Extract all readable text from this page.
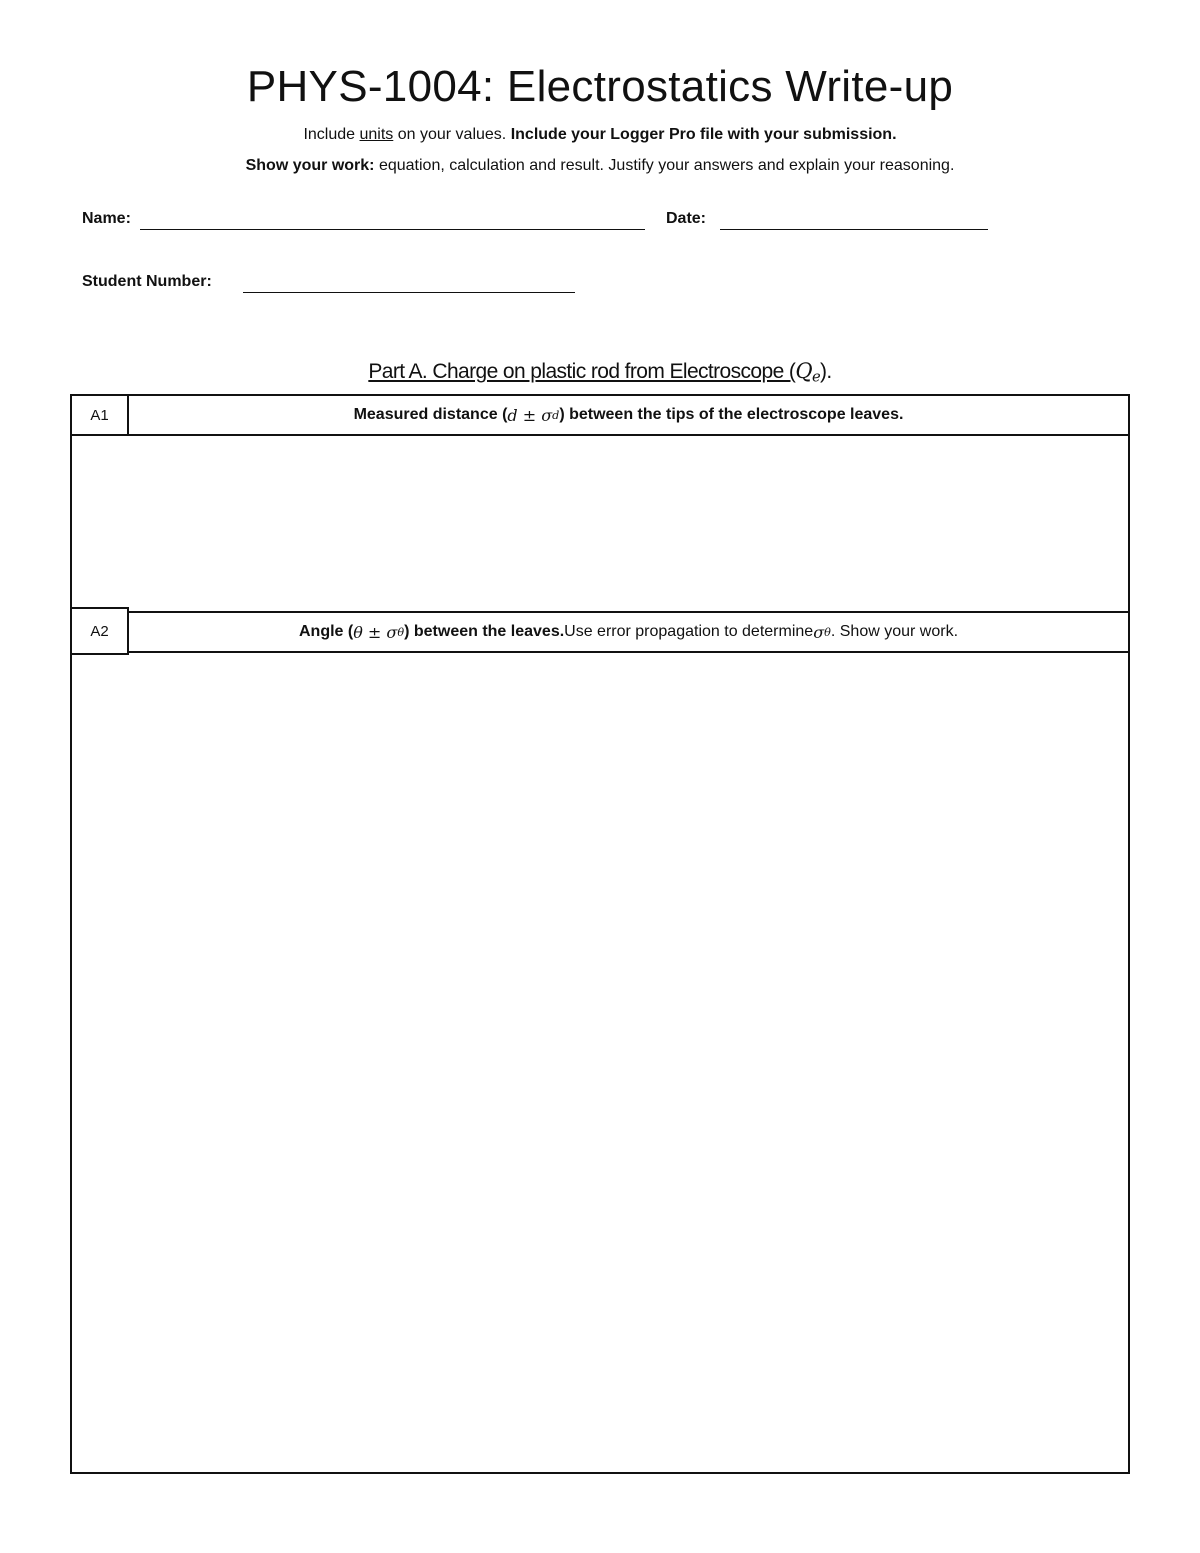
PHYS-1004: Electrostatics Write-up
Include units on your values. Include your Logger Pro file with your submission.
Show your work: equation, calculation and result. Justify your answers and explain your reasoning.
Name:	Date:
Student Number:
Part A. Charge on plastic rod from Electroscope $(Q_e)$.
A1	Measured distance ( d ± σ d ) between the tips of the electroscope leaves.
A2	Angle ( θ ± σ θ ) between the leaves. Use error propagation to determine σ θ . Show your work.
